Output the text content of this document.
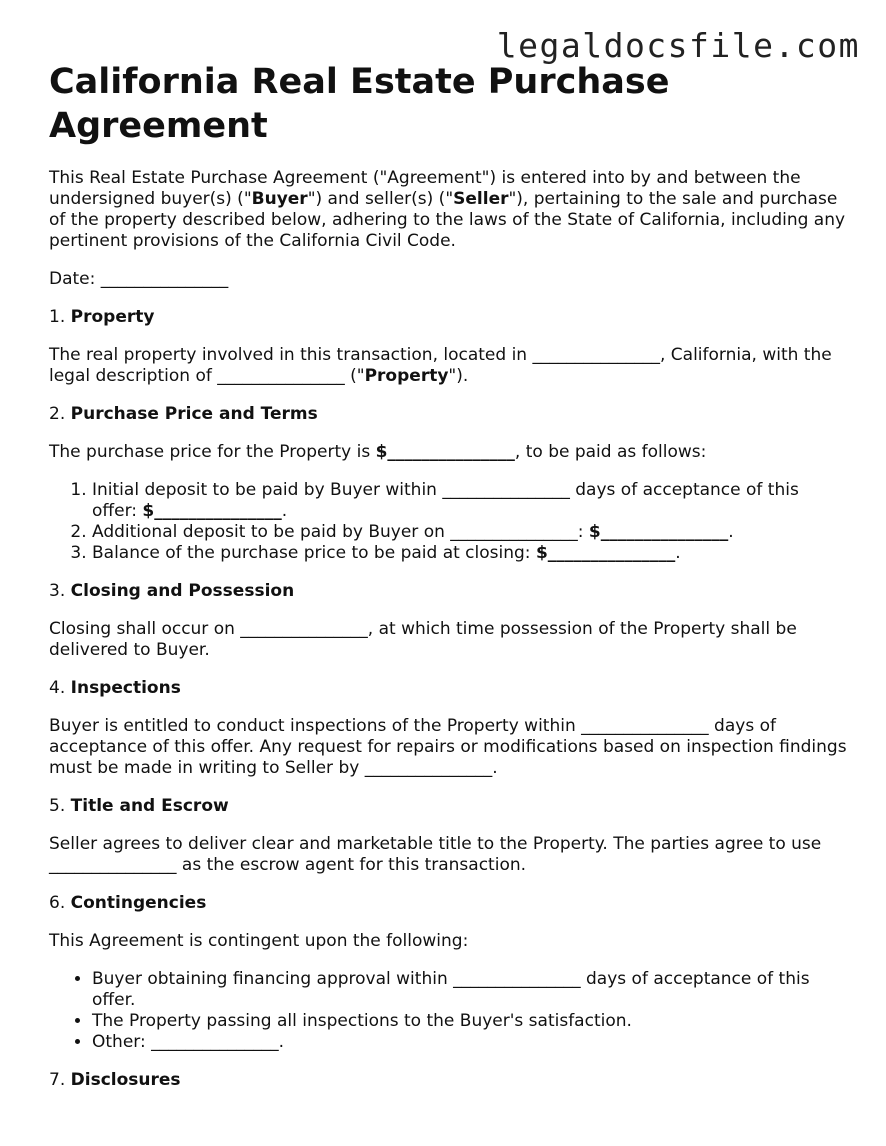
legaldocsfile.com
California Real Estate Purchase Agreement

This Real Estate Purchase Agreement ("Agreement") is entered into by and between the undersigned buyer(s) ("Buyer") and seller(s) ("Seller"), pertaining to the sale and purchase of the property described below, adhering to the laws of the State of California, including any pertinent provisions of the California Civil Code.

Date: _______________

1. Property

The real property involved in this transaction, located in _______________, California, with the legal description of _______________ ("Property").

2. Purchase Price and Terms

The purchase price for the Property is $_______________, to be paid as follows:

1. Initial deposit to be paid by Buyer within _______________ days of acceptance of this offer: $_______________.
2. Additional deposit to be paid by Buyer on _______________: $_______________.
3. Balance of the purchase price to be paid at closing: $_______________.

3. Closing and Possession

Closing shall occur on _______________, at which time possession of the Property shall be delivered to Buyer.

4. Inspections

Buyer is entitled to conduct inspections of the Property within _______________ days of acceptance of this offer. Any request for repairs or modifications based on inspection findings must be made in writing to Seller by _______________.

5. Title and Escrow

Seller agrees to deliver clear and marketable title to the Property. The parties agree to use _______________ as the escrow agent for this transaction.

6. Contingencies

This Agreement is contingent upon the following:

• Buyer obtaining financing approval within _______________ days of acceptance of this offer.
• The Property passing all inspections to the Buyer's satisfaction.
• Other: _______________.

7. Disclosures
